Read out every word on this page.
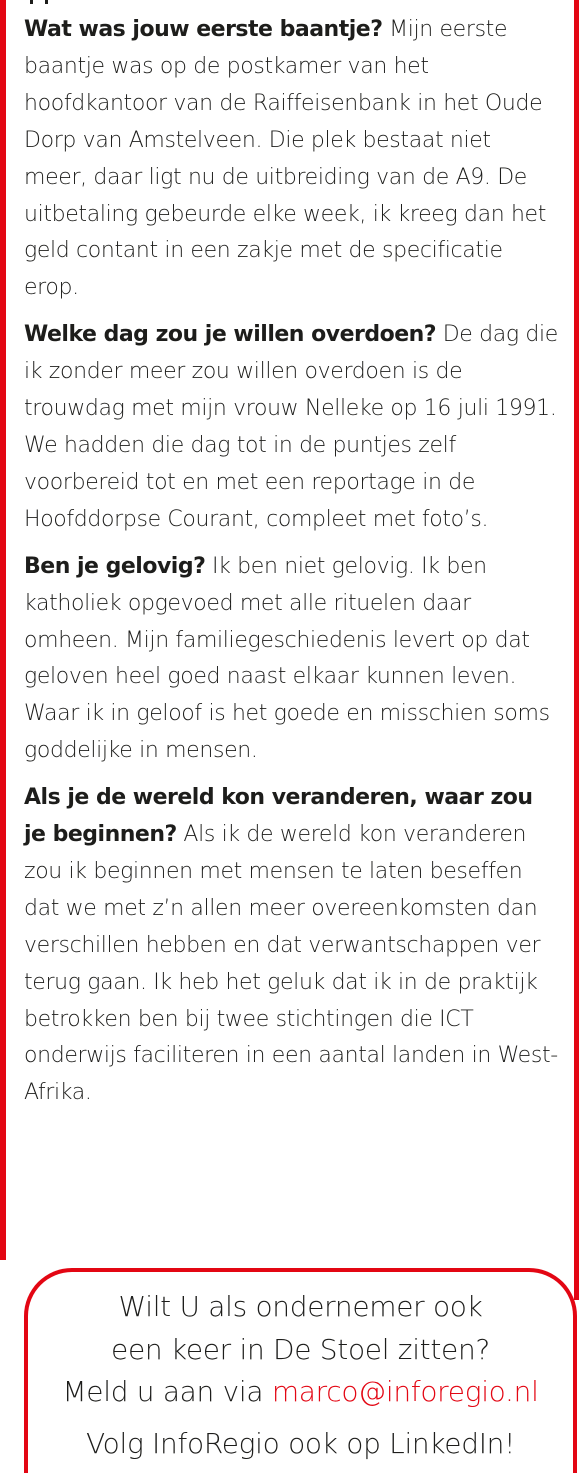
Wat was jouw eerste baantje? Mijn eerste baantje was op de postkamer van het hoofdkantoor van de Raiffeisenbank in het Oude Dorp van Amstelveen. Die plek bestaat niet meer, daar ligt nu de uitbreiding van de A9. De uitbetaling gebeurde elke week, ik kreeg dan het geld contant in een zakje met de specificatie erop.

Welke dag zou je willen overdoen? De dag die ik zonder meer zou willen overdoen is de trouwdag met mijn vrouw Nelleke op 16 juli 1991. We hadden die dag tot in de puntjes zelf voorbereid tot en met een reportage in de Hoofddorpse Courant, compleet met foto’s.

Ben je gelovig? Ik ben niet gelovig. Ik ben katholiek opgevoed met alle rituelen daar omheen. Mijn familiegeschiedenis levert op dat geloven heel goed naast elkaar kunnen leven. Waar ik in geloof is het goede en misschien soms goddelijke in mensen.

Als je de wereld kon veranderen, waar zou je beginnen? Als ik de wereld kon veranderen zou ik beginnen met mensen te laten beseffen dat we met z’n allen meer overeenkomsten dan verschillen hebben en dat verwantschappen ver terug gaan. Ik heb het geluk dat ik in de praktijk betrokken ben bij twee stichtingen die ICT onderwijs faciliteren in een aantal landen in West-Afrika.

Wilt U als ondernemer ook
een keer in De Stoel zitten?
Meld u aan via marco@inforegio.nl
Volg InfoRegio ook op LinkedIn!
